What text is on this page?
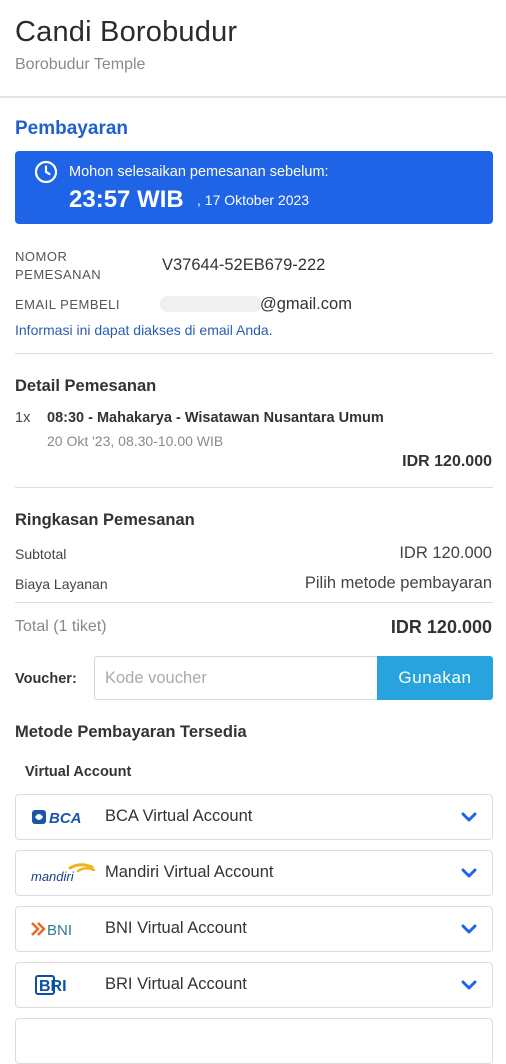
Candi Borobudur
Borobudur Temple
Pembayaran
Mohon selesaikan pemesanan sebelum:
23:57 WIB , 17 Oktober 2023
NOMOR
PEMESANAN
V37644-52EB679-222
EMAIL PEMBELI	@gmail.com
Informasi ini dapat diakses di email Anda.
Detail Pemesanan
1x 08:30 - Mahakarya - Wisatawan Nusantara Umum
20 Okt '23, 08.30-10.00 WIB
IDR 120.000
Ringkasan Pemesanan
Subtotal	IDR 120.000
Biaya Layanan	Pilih metode pembayaran
Total (1 tiket)	IDR 120.000
Voucher:
Kode voucher	Gunakan
Metode Pembayaran Tersedia
Virtual Account
BCA BCA Virtual Account
mandiri Mandiri Virtual Account
BNI BNI Virtual Account
BRI BRI Virtual Account
